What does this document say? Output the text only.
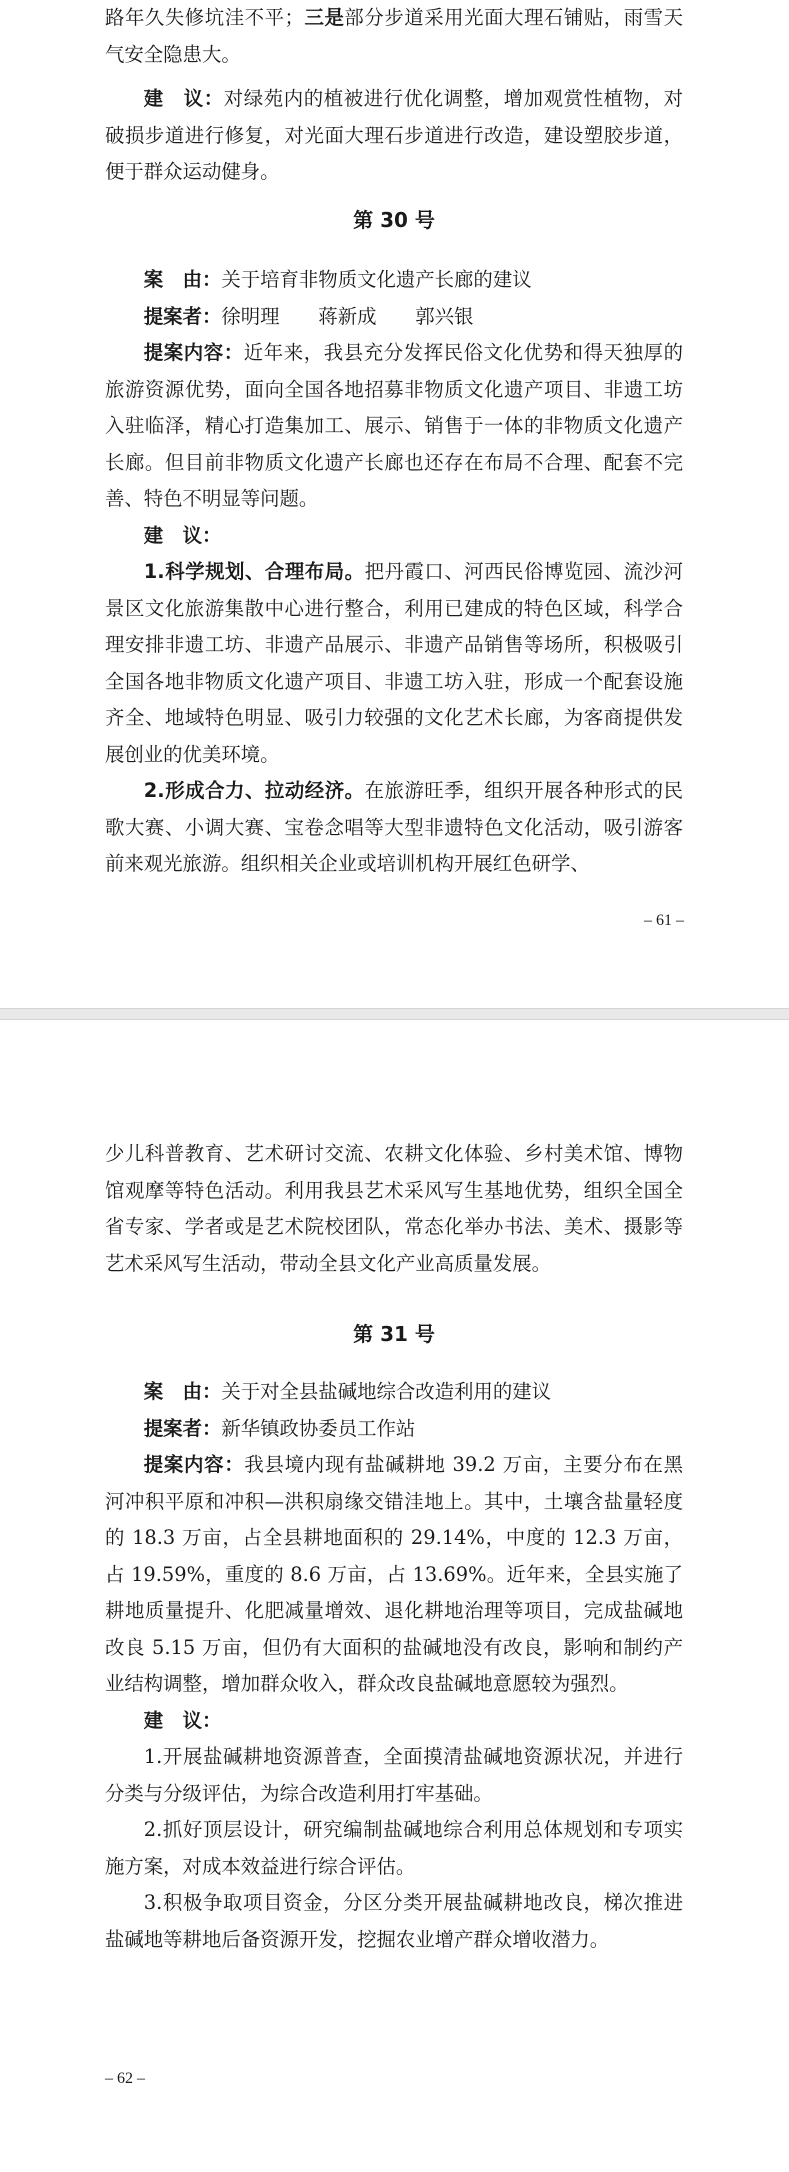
路年久失修坑洼不平；三是部分步道采用光面大理石铺贴，雨雪天气安全隐患大。

建　议：对绿苑内的植被进行优化调整，增加观赏性植物，对破损步道进行修复，对光面大理石步道进行改造，建设塑胶步道，便于群众运动健身。

第 30 号

案　由：关于培育非物质文化遗产长廊的建议

提案者：徐明理　　蒋新成　　郭兴银

提案内容：近年来，我县充分发挥民俗文化优势和得天独厚的旅游资源优势，面向全国各地招募非物质文化遗产项目、非遗工坊入驻临泽，精心打造集加工、展示、销售于一体的非物质文化遗产长廊。但目前非物质文化遗产长廊也还存在布局不合理、配套不完善、特色不明显等问题。

建　议：

1.科学规划、合理布局。把丹霞口、河西民俗博览园、流沙河景区文化旅游集散中心进行整合，利用已建成的特色区域，科学合理安排非遗工坊、非遗产品展示、非遗产品销售等场所，积极吸引全国各地非物质文化遗产项目、非遗工坊入驻，形成一个配套设施齐全、地域特色明显、吸引力较强的文化艺术长廊，为客商提供发展创业的优美环境。

2.形成合力、拉动经济。在旅游旺季，组织开展各种形式的民歌大赛、小调大赛、宝卷念唱等大型非遗特色文化活动，吸引游客前来观光旅游。组织相关企业或培训机构开展红色研学、

– 61 –

少儿科普教育、艺术研讨交流、农耕文化体验、乡村美术馆、博物馆观摩等特色活动。利用我县艺术采风写生基地优势，组织全国全省专家、学者或是艺术院校团队，常态化举办书法、美术、摄影等艺术采风写生活动，带动全县文化产业高质量发展。

第 31 号

案　由：关于对全县盐碱地综合改造利用的建议

提案者：新华镇政协委员工作站

提案内容：我县境内现有盐碱耕地 39.2 万亩，主要分布在黑河冲积平原和冲积—洪积扇缘交错洼地上。其中，土壤含盐量轻度的 18.3 万亩，占全县耕地面积的 29.14%，中度的 12.3 万亩，占 19.59%，重度的 8.6 万亩，占 13.69%。近年来，全县实施了耕地质量提升、化肥减量增效、退化耕地治理等项目，完成盐碱地改良 5.15 万亩，但仍有大面积的盐碱地没有改良，影响和制约产业结构调整，增加群众收入，群众改良盐碱地意愿较为强烈。

建　议：

1.开展盐碱耕地资源普查，全面摸清盐碱地资源状况，并进行分类与分级评估，为综合改造利用打牢基础。

2.抓好顶层设计，研究编制盐碱地综合利用总体规划和专项实施方案，对成本效益进行综合评估。

3.积极争取项目资金，分区分类开展盐碱耕地改良，梯次推进盐碱地等耕地后备资源开发，挖掘农业增产群众增收潜力。

– 62 –
